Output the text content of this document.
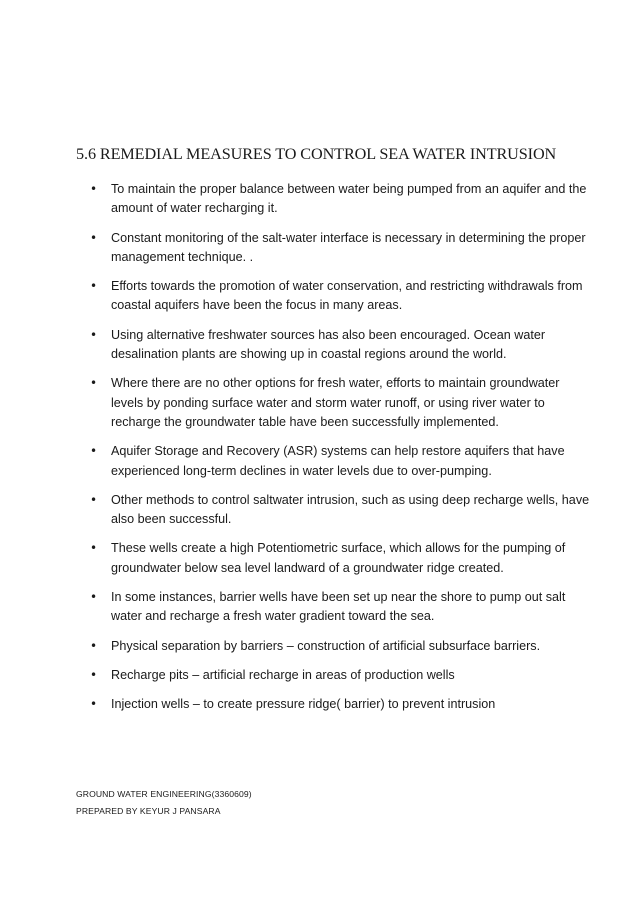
5.6 REMEDIAL MEASURES TO CONTROL SEA WATER INTRUSION
• To maintain the proper balance between water being pumped from an aquifer and the amount of water recharging it.
• Constant monitoring of the salt-water interface is necessary in determining the proper management technique. .
• Efforts towards the promotion of water conservation, and restricting withdrawals from coastal aquifers have been the focus in many areas.
• Using alternative freshwater sources has also been encouraged. Ocean water desalination plants are showing up in coastal regions around the world.
• Where there are no other options for fresh water, efforts to maintain groundwater levels by ponding surface water and storm water runoff, or using river water to recharge the groundwater table have been successfully implemented.
• Aquifer Storage and Recovery (ASR) systems can help restore aquifers that have experienced long-term declines in water levels due to over-pumping.
• Other methods to control saltwater intrusion, such as using deep recharge wells, have also been successful.
• These wells create a high Potentiometric surface, which allows for the pumping of groundwater below sea level landward of a groundwater ridge created.
• In some instances, barrier wells have been set up near the shore to pump out salt water and recharge a fresh water gradient toward the sea.
• Physical separation by barriers – construction of artificial subsurface barriers.
• Recharge pits – artificial recharge in areas of production wells
• Injection wells – to create pressure ridge( barrier) to prevent intrusion
GROUND WATER ENGINEERING(3360609)
PREPARED BY KEYUR J PANSARA
